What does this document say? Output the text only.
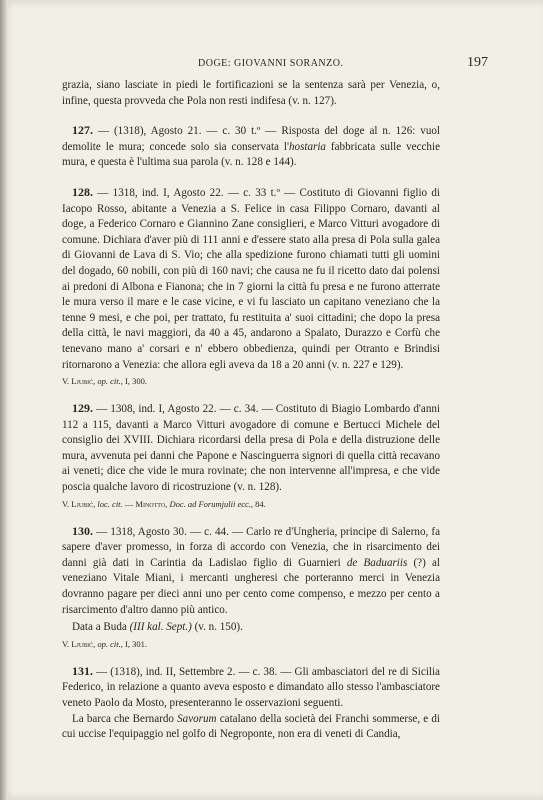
DOGE: GIOVANNI SORANZO.	197

grazia, siano lasciate in piedi le fortificazioni se la sentenza sarà per Venezia, o, infine, questa provveda che Pola non resti indifesa (v. n. 127).

127. — (1318), Agosto 21. — c. 30 t.º — Risposta del doge al n. 126: vuol demolite le mura; concede solo sia conservata l'hostaria fabbricata sulle vecchie mura, e questa è l'ultima sua parola (v. n. 128 e 144).

128. — 1318, ind. I, Agosto 22. — c. 33 t.º — Costituto di Giovanni figlio di Iacopo Rosso, abitante a Venezia a S. Felice in casa Filippo Cornaro, davanti al doge, a Federico Cornaro e Giannino Zane consiglieri, e Marco Vitturi avogadore di comune. Dichiara d'aver più di 111 anni e d'essere stato alla presa di Pola sulla galea di Giovanni de Lava di S. Vio; che alla spedizione furono chiamati tutti gli uomini del dogado, 60 nobili, con più di 160 navi; che causa ne fu il ricetto dato dai polensi ai predoni di Albona e Fianona; che in 7 giorni la città fu presa e ne furono atterrate le mura verso il mare e le case vicine, e vi fu lasciato un capitano veneziano che la tenne 9 mesi, e che poi, per trattato, fu restituita a' suoi cittadini; che dopo la presa della città, le navi maggiori, da 40 a 45, andarono a Spalato, Durazzo e Corfù che tenevano mano a' corsari e n' ebbero obbedienza, quindi per Otranto e Brindisi ritornarono a Venezia: che allora egli aveva da 18 a 20 anni (v. n. 227 e 129).

V. Ljubić, op. cit., I, 300.

129. — 1308, ind. I, Agosto 22. — c. 34. — Costituto di Biagio Lombardo d'anni 112 a 115, davanti a Marco Vitturi avogadore di comune e Bertucci Michele del consiglio dei XVIII. Dichiara ricordarsi della presa di Pola e della distruzione delle mura, avvenuta pei danni che Papone e Nascinguerra signori di quella città recavano ai veneti; dice che vide le mura rovinate; che non intervenne all'impresa, e che vide poscia qualche lavoro di ricostruzione (v. n. 128).

V. Ljubić, loc. cit. — Minotto, Doc. ad Forumjulii ecc., 84.

130. — 1318, Agosto 30. — c. 44. — Carlo re d'Ungheria, principe di Salerno, fa sapere d'aver promesso, in forza di accordo con Venezia, che in risarcimento dei danni già dati in Carintia da Ladislao figlio di Guarnieri de Baduariis (?) al veneziano Vitale Miani, i mercanti ungheresi che porteranno merci in Venezia dovranno pagare per dieci anni uno per cento come compenso, e mezzo per cento a risarcimento d'altro danno più antico.

Data a Buda (III kal. Sept.) (v. n. 150).

V. Ljubić, op. cit., I, 301.

131. — (1318), ind. II, Settembre 2. — c. 38. — Gli ambasciatori del re di Sicilia Federico, in relazione a quanto aveva esposto e dimandato allo stesso l'ambasciatore veneto Paolo da Mosto, presenteranno le osservazioni seguenti.

La barca che Bernardo Savorum catalano della società dei Franchi sommerse, e di cui uccise l'equipaggio nel golfo di Negroponte, non era di veneti di Candia,
